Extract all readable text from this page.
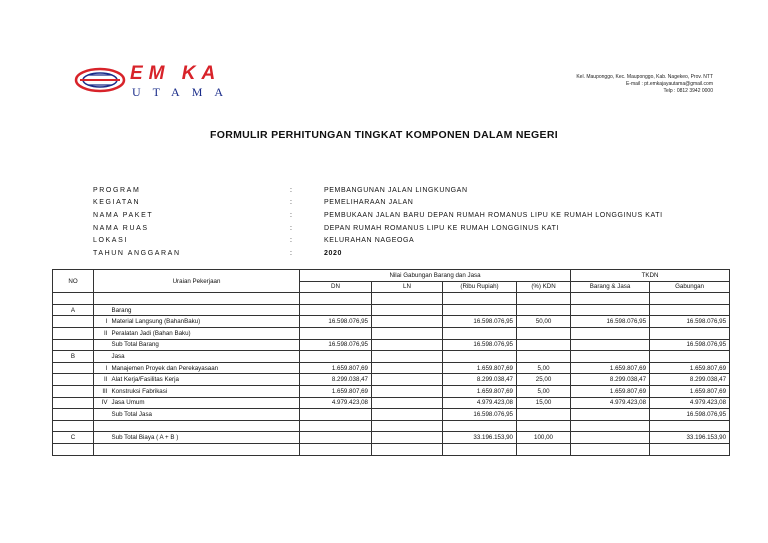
EM KA
UTAMA
Kel. Mauponggo, Kec. Mauponggo, Kab. Nagekeo, Prov. NTT
E-mail : pt.emkajayautama@gmail.com
Telp : 0812 3942 0000
FORMULIR PERHITUNGAN TINGKAT KOMPONEN DALAM NEGERI
PROGRAM	:	PEMBANGUNAN JALAN LINGKUNGAN
KEGIATAN	:	PEMELIHARAAN JALAN
NAMA PAKET	:	PEMBUKAAN JALAN BARU DEPAN RUMAH ROMANUS LIPU KE RUMAH LONGGINUS KATI
NAMA RUAS	:	DEPAN RUMAH ROMANUS LIPU KE RUMAH LONGGINUS KATI
LOKASI	:	KELURAHAN NAGEOGA
TAHUN ANGGARAN	:	2020
NO	Uraian Pekerjaan		Nilai Gabungan Barang dan Jasa				TKDN	
			DN	LN	(Ribu Rupiah)	(%) KDN	Barang & Jasa	Gabungan

A		Barang						
	I	Material Langsung (BahanBaku)	16.598.076,95		16.598.076,95	50,00	16.598.076,95	16.598.076,95
	II	Peralatan Jadi (Bahan Baku)						
		Sub Total Barang	16.598.076,95		16.598.076,95			16.598.076,95
B		Jasa						
	I	Manajemen Proyek dan Perekayasaan	1.659.807,69		1.659.807,69	5,00	1.659.807,69	1.659.807,69
	II	Alat Kerja/Fasilitas Kerja	8.299.038,47		8.299.038,47	25,00	8.299.038,47	8.299.038,47
	III	Konstruksi Fabrikasi	1.659.807,69		1.659.807,69	5,00	1.659.807,69	1.659.807,69
	IV	Jasa Umum	4.979.423,08		4.979.423,08	15,00	4.979.423,08	4.979.423,08
		Sub Total Jasa			16.598.076,95			16.598.076,95

C		Sub Total Biaya ( A + B )			33.196.153,90	100,00		33.196.153,90
